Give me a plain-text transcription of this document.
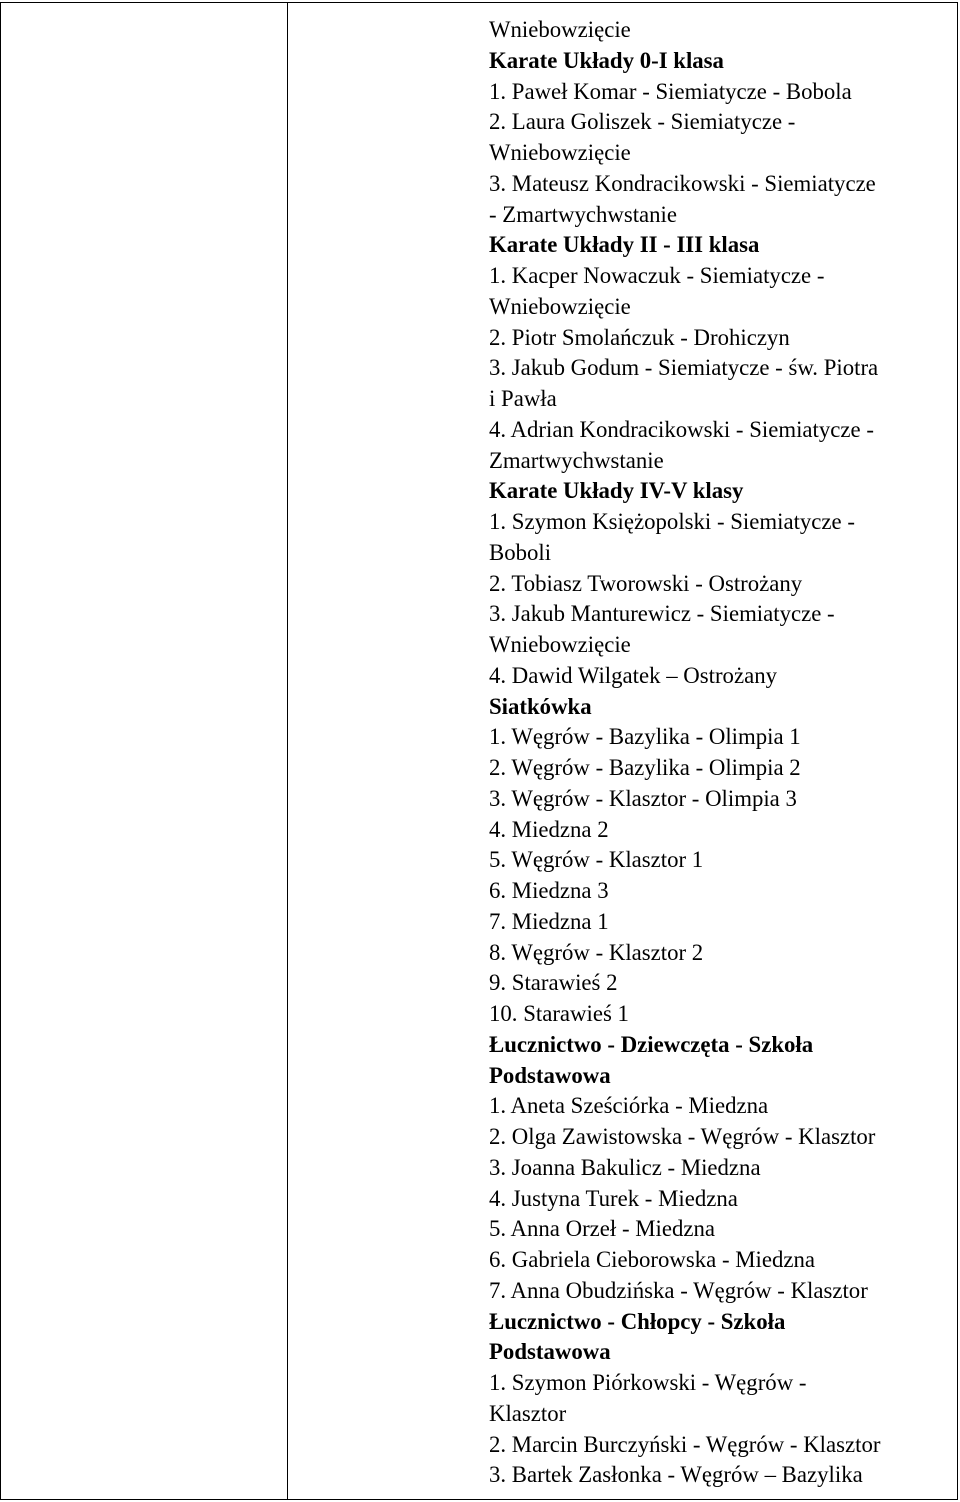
Wniebowzięcie
Karate Układy 0-I klasa
1. Paweł Komar - Siemiatycze - Bobola
2. Laura Goliszek - Siemiatycze -
Wniebowzięcie
3. Mateusz Kondracikowski - Siemiatycze
- Zmartwychwstanie
Karate Układy II - III klasa
1. Kacper Nowaczuk - Siemiatycze -
Wniebowzięcie
2. Piotr Smolańczuk - Drohiczyn
3. Jakub Godum - Siemiatycze - św. Piotra
i Pawła
4. Adrian Kondracikowski - Siemiatycze -
Zmartwychwstanie
Karate Układy IV-V klasy
1. Szymon Księżopolski - Siemiatycze -
Boboli
2. Tobiasz Tworowski - Ostrożany
3. Jakub Manturewicz - Siemiatycze -
Wniebowzięcie
4. Dawid Wilgatek – Ostrożany
Siatkówka
1. Węgrów - Bazylika - Olimpia 1
2. Węgrów - Bazylika - Olimpia 2
3. Węgrów - Klasztor - Olimpia 3
4. Miedzna 2
5. Węgrów - Klasztor 1
6. Miedzna 3
7. Miedzna 1
8. Węgrów - Klasztor 2
9. Starawieś 2
10. Starawieś 1
Łucznictwo - Dziewczęta - Szkoła
Podstawowa
1. Aneta Sześciórka - Miedzna
2. Olga Zawistowska - Węgrów - Klasztor
3. Joanna Bakulicz - Miedzna
4. Justyna Turek - Miedzna
5. Anna Orzeł - Miedzna
6. Gabriela Cieborowska - Miedzna
7. Anna Obudzińska - Węgrów - Klasztor
Łucznictwo - Chłopcy - Szkoła
Podstawowa
1. Szymon Piórkowski - Węgrów -
Klasztor
2. Marcin Burczyński - Węgrów - Klasztor
3. Bartek Zasłonka - Węgrów – Bazylika
